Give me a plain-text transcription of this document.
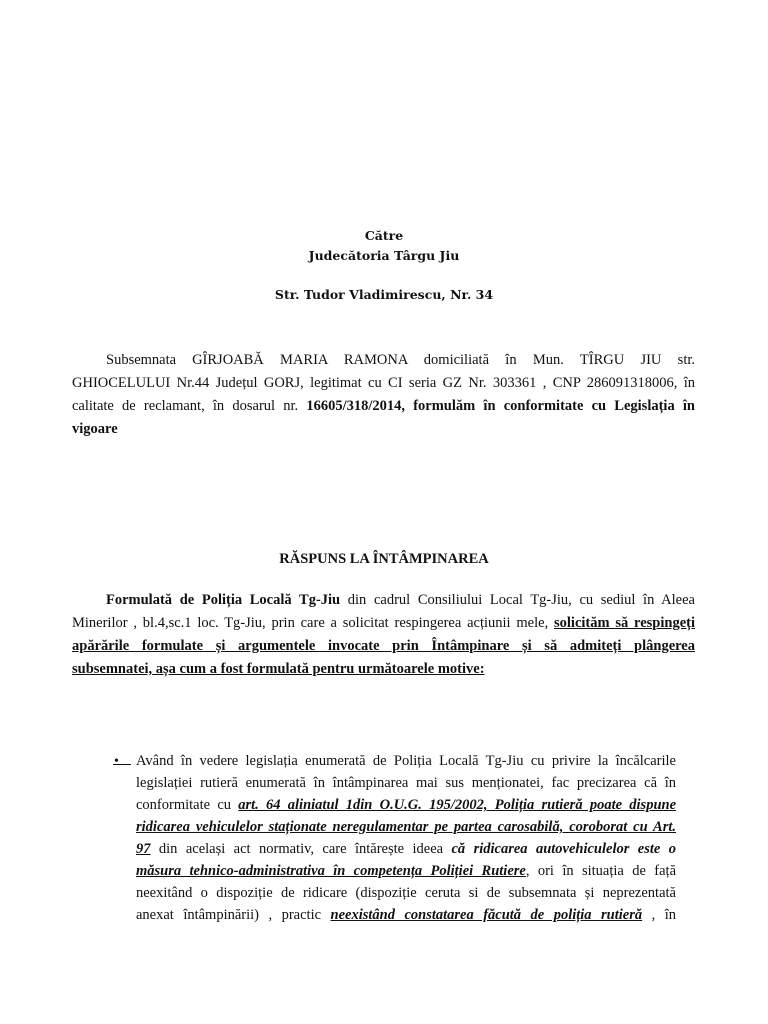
Către
Judecătoria Târgu Jiu
Str. Tudor Vladimirescu, Nr. 34
Subsemnata GÎRJOABĂ MARIA RAMONA domiciliată în Mun. TÎRGU JIU str.
GHIOCELULUI Nr.44 Județul GORJ, legitimat cu CI seria GZ Nr. 303361 , CNP 286091318006, în
calitate de reclamant, în dosarul nr. 16605/318/2014, formulăm în conformitate cu Legislația în
vigoare
RĂSPUNS LA ÎNTÂMPINAREA
Formulată de Poliția Locală Tg-Jiu din cadrul Consiliului Local Tg-Jiu, cu sediul în Aleea
Minerilor , bl.4,sc.1 loc. Tg-Jiu, prin care a solicitat respingerea acțiunii mele, solicităm să respingeți
apărările formulate și argumentele invocate prin Întâmpinare și să admiteți plângerea
subsemnatei, așa cum a fost formulată pentru următoarele motive:
•	Având în vedere legislația enumerată de Poliția Locală Tg-Jiu cu privire la încălcarile
legislației rutieră enumerată în întâmpinarea mai sus menționatei, fac precizarea că în
conformitate cu art. 64 aliniatul 1din O.U.G. 195/2002, Poliția rutieră poate dispune
ridicarea vehiculelor staționate neregulamentar pe partea carosabilă, coroborat cu Art.
97 din același act normativ, care întărește ideea că ridicarea autovehiculelor este o
măsura tehnico-administrativa în competența Poliției Rutiere, ori în situația de față
neexitând o dispoziție de ridicare (dispoziție ceruta si de subsemnata și neprezentată
anexat întâmpinării) , practic neexistând constatarea făcută de poliția rutieră , în
